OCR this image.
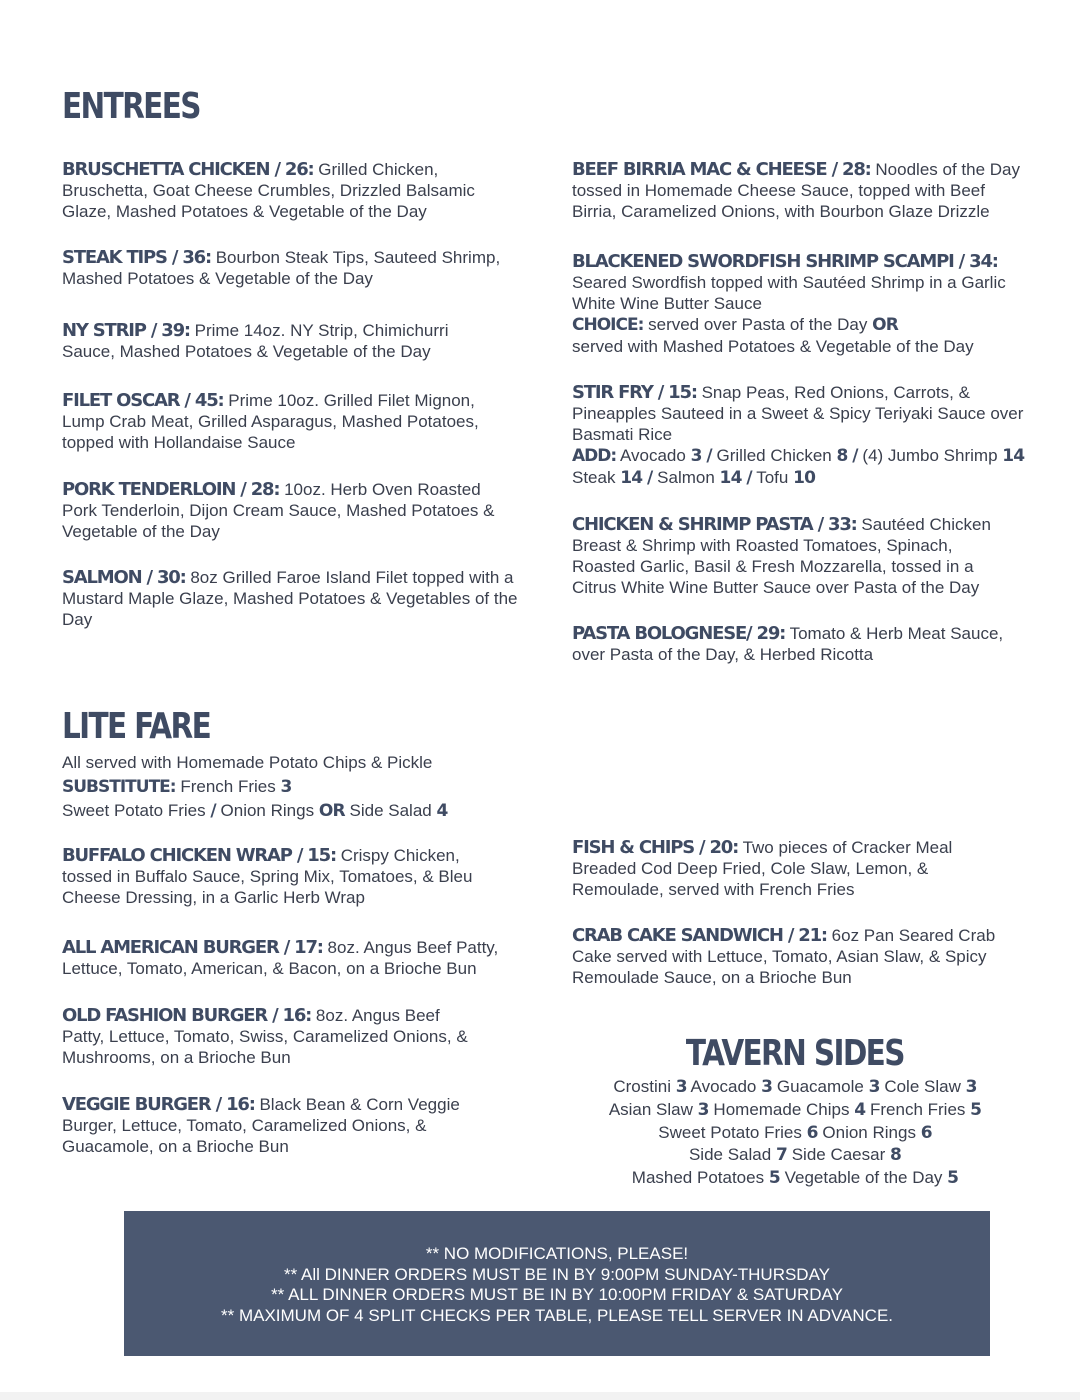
ENTREES
BRUSCHETTA CHICKEN / 26: Grilled Chicken, Bruschetta, Goat Cheese Crumbles, Drizzled Balsamic Glaze, Mashed Potatoes & Vegetable of the Day
STEAK TIPS / 36: Bourbon Steak Tips, Sauteed Shrimp, Mashed Potatoes & Vegetable of the Day
NY STRIP / 39: Prime 14oz. NY Strip, Chimichurri Sauce, Mashed Potatoes & Vegetable of the Day
FILET OSCAR / 45: Prime 10oz. Grilled Filet Mignon, Lump Crab Meat, Grilled Asparagus, Mashed Potatoes, topped with Hollandaise Sauce
PORK TENDERLOIN / 28: 10oz. Herb Oven Roasted Pork Tenderloin, Dijon Cream Sauce, Mashed Potatoes & Vegetable of the Day
SALMON / 30: 8oz Grilled Faroe Island Filet topped with a Mustard Maple Glaze, Mashed Potatoes & Vegetables of the Day
BEEF BIRRIA MAC & CHEESE / 28: Noodles of the Day tossed in Homemade Cheese Sauce, topped with Beef Birria, Caramelized Onions, with Bourbon Glaze Drizzle
BLACKENED SWORDFISH SHRIMP SCAMPI / 34: Seared Swordfish topped with Sautéed Shrimp in a Garlic White Wine Butter Sauce
CHOICE: served over Pasta of the Day OR
served with Mashed Potatoes & Vegetable of the Day
STIR FRY / 15: Snap Peas, Red Onions, Carrots, & Pineapples Sauteed in a Sweet & Spicy Teriyaki Sauce over Basmati Rice
ADD: Avocado 3 / Grilled Chicken 8 / (4) Jumbo Shrimp 14 Steak 14 / Salmon 14 / Tofu 10
CHICKEN & SHRIMP PASTA / 33: Sautéed Chicken Breast & Shrimp with Roasted Tomatoes, Spinach, Roasted Garlic, Basil & Fresh Mozzarella, tossed in a Citrus White Wine Butter Sauce over Pasta of the Day
PASTA BOLOGNESE/ 29: Tomato & Herb Meat Sauce, over Pasta of the Day, & Herbed Ricotta
LITE FARE
All served with Homemade Potato Chips & Pickle
SUBSTITUTE: French Fries 3
Sweet Potato Fries / Onion Rings OR Side Salad 4
BUFFALO CHICKEN WRAP / 15: Crispy Chicken, tossed in Buffalo Sauce, Spring Mix, Tomatoes, & Bleu Cheese Dressing, in a Garlic Herb Wrap
ALL AMERICAN BURGER / 17: 8oz. Angus Beef Patty, Lettuce, Tomato, American, & Bacon, on a Brioche Bun
OLD FASHION BURGER / 16: 8oz. Angus Beef Patty, Lettuce, Tomato, Swiss, Caramelized Onions, & Mushrooms, on a Brioche Bun
VEGGIE BURGER / 16: Black Bean & Corn Veggie Burger, Lettuce, Tomato, Caramelized Onions, & Guacamole, on a Brioche Bun
FISH & CHIPS / 20: Two pieces of Cracker Meal Breaded Cod Deep Fried, Cole Slaw, Lemon, & Remoulade, served with French Fries
CRAB CAKE SANDWICH / 21: 6oz Pan Seared Crab Cake served with Lettuce, Tomato, Asian Slaw, & Spicy Remoulade Sauce, on a Brioche Bun
TAVERN SIDES
Crostini 3 Avocado 3 Guacamole 3 Cole Slaw 3
Asian Slaw 3 Homemade Chips 4 French Fries 5
Sweet Potato Fries 6 Onion Rings 6
Side Salad 7 Side Caesar 8
Mashed Potatoes 5 Vegetable of the Day 5
** NO MODIFICATIONS, PLEASE!
** All DINNER ORDERS MUST BE IN BY 9:00PM SUNDAY-THURSDAY
** ALL DINNER ORDERS MUST BE IN BY 10:00PM FRIDAY & SATURDAY
** MAXIMUM OF 4 SPLIT CHECKS PER TABLE, PLEASE TELL SERVER IN ADVANCE.
